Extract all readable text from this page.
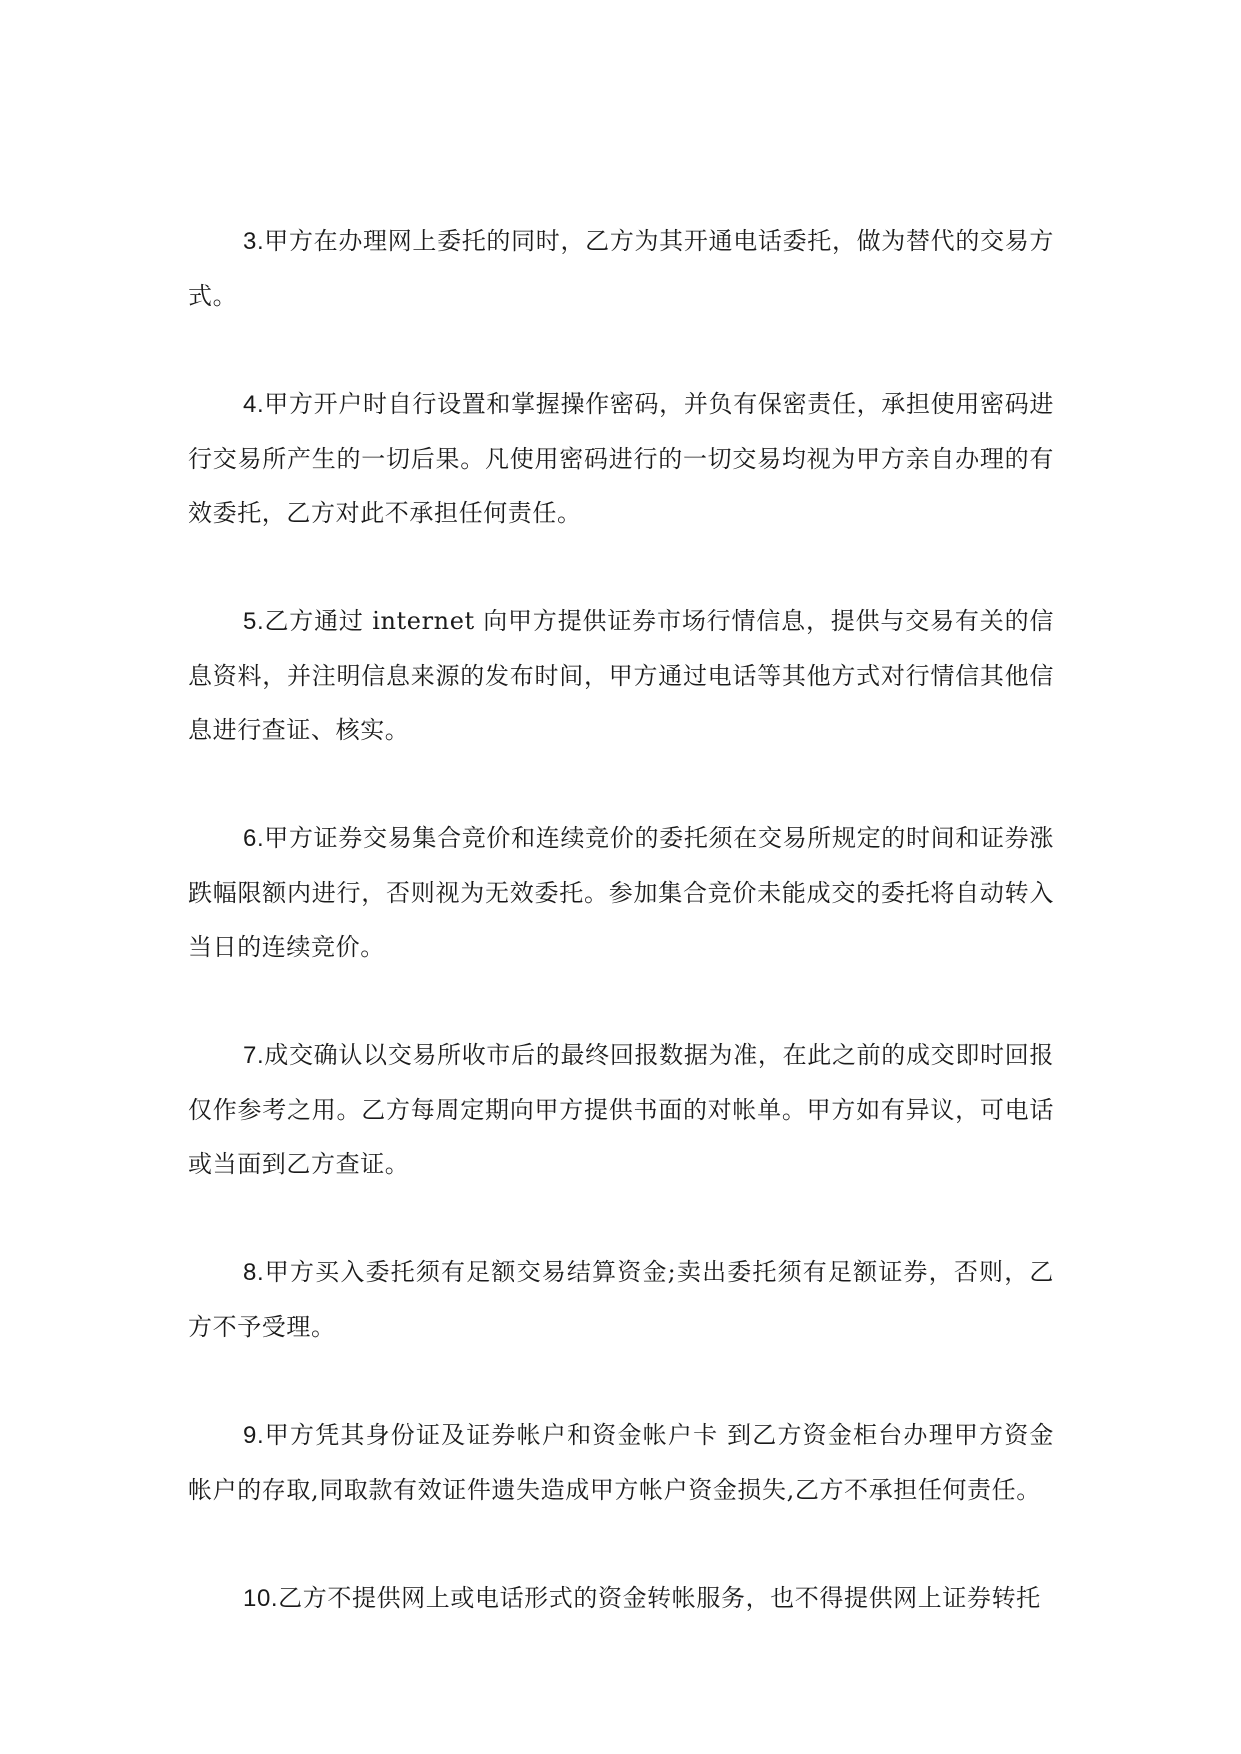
3.甲方在办理网上委托的同时，乙方为其开通电话委托，做为替代的交易方式。

4.甲方开户时自行设置和掌握操作密码，并负有保密责任，承担使用密码进行交易所产生的一切后果。凡使用密码进行的一切交易均视为甲方亲自办理的有效委托，乙方对此不承担任何责任。

5.乙方通过 internet 向甲方提供证券市场行情信息，提供与交易有关的信息资料，并注明信息来源的发布时间，甲方通过电话等其他方式对行情信其他信息进行查证、核实。

6.甲方证券交易集合竞价和连续竞价的委托须在交易所规定的时间和证券涨跌幅限额内进行，否则视为无效委托。参加集合竞价未能成交的委托将自动转入当日的连续竞价。

7.成交确认以交易所收市后的最终回报数据为准，在此之前的成交即时回报仅作参考之用。乙方每周定期向甲方提供书面的对帐单。甲方如有异议，可电话或当面到乙方查证。

8.甲方买入委托须有足额交易结算资金;卖出委托须有足额证券，否则，乙方不予受理。

9.甲方凭其身份证及证券帐户和资金帐户卡 到乙方资金柜台办理甲方资金帐户的存取,同取款有效证件遗失造成甲方帐户资金损失,乙方不承担任何责任。

10.乙方不提供网上或电话形式的资金转帐服务，也不得提供网上证券转托
